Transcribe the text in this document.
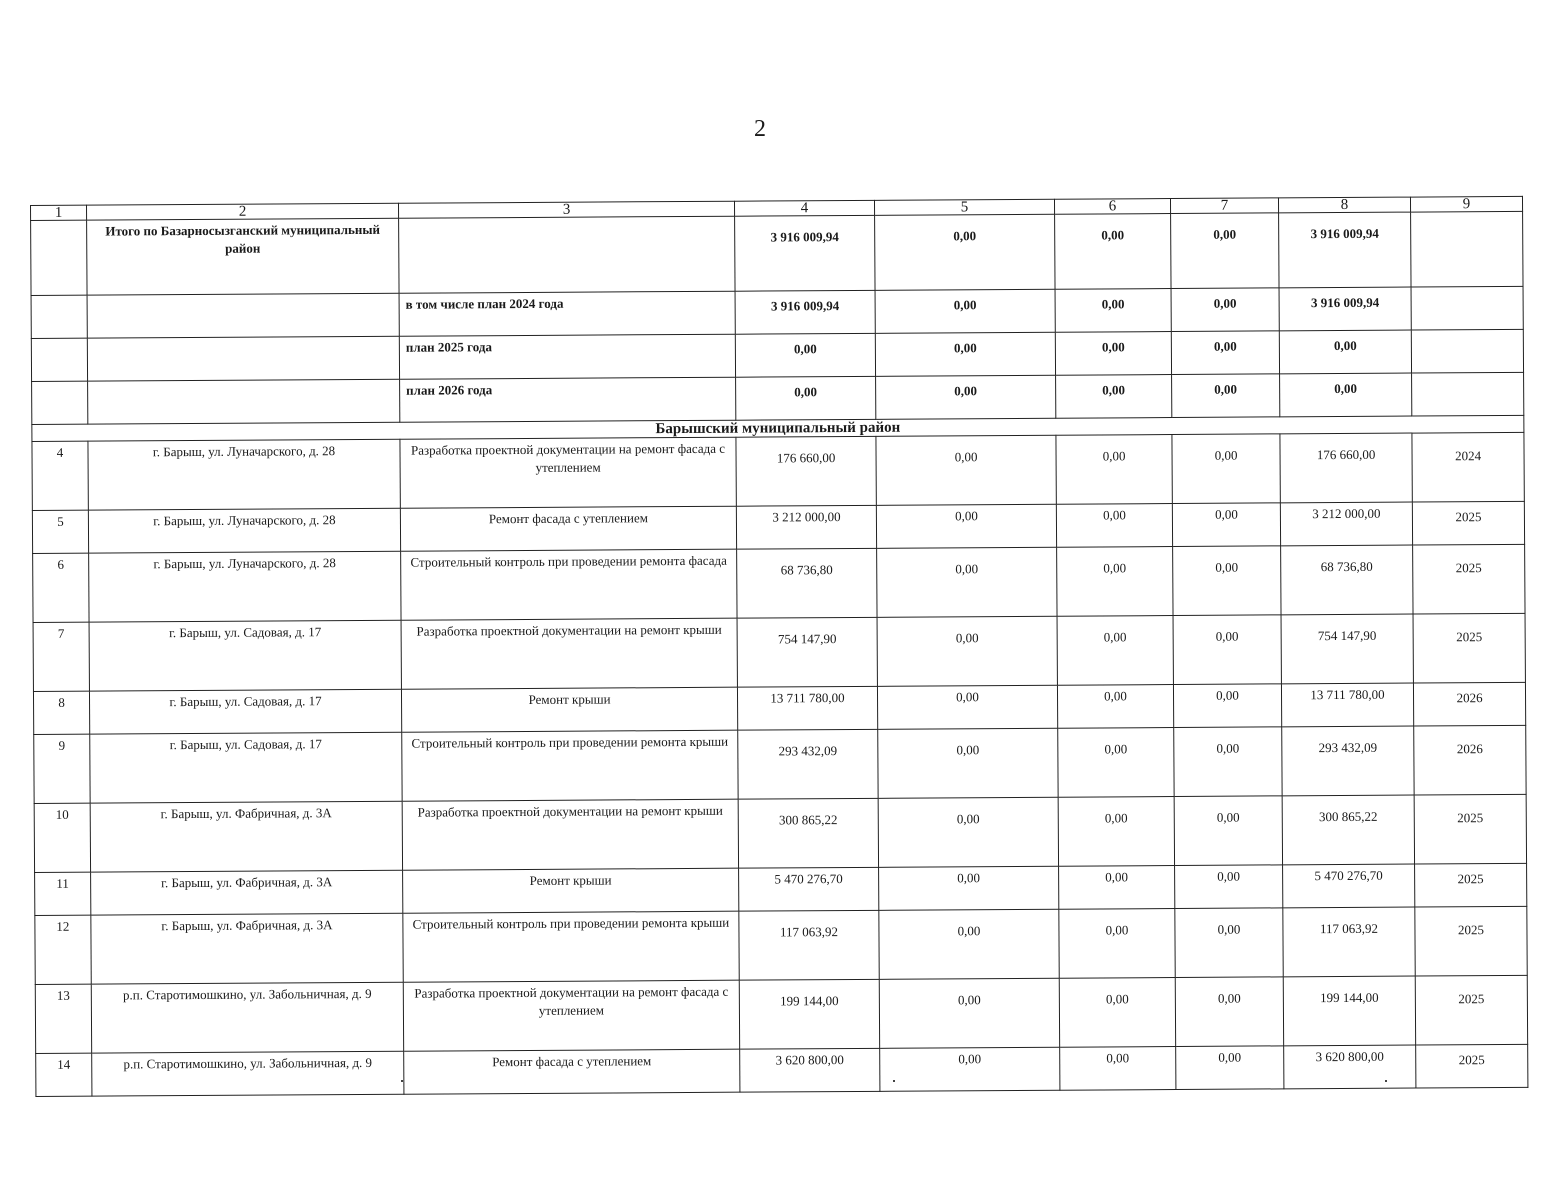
2
1	2	3	4	5	6	7	8	9
	Итого по Базарносызганский муниципальный район		3 916 009,94	0,00	0,00	0,00	3 916 009,94	
		в том числе план 2024 года	3 916 009,94	0,00	0,00	0,00	3 916 009,94	
		план 2025 года	0,00	0,00	0,00	0,00	0,00	
		план 2026 года	0,00	0,00	0,00	0,00	0,00	
Барышский муниципальный район								
4	г. Барыш, ул. Луначарского, д. 28	Разработка проектной документации на ремонт фасада с утеплением	176 660,00	0,00	0,00	0,00	176 660,00	2024
5	г. Барыш, ул. Луначарского, д. 28	Ремонт фасада с утеплением	3 212 000,00	0,00	0,00	0,00	3 212 000,00	2025
6	г. Барыш, ул. Луначарского, д. 28	Строительный контроль при проведении ремонта фасада	68 736,80	0,00	0,00	0,00	68 736,80	2025
7	г. Барыш, ул. Садовая, д. 17	Разработка проектной документации на ремонт крыши	754 147,90	0,00	0,00	0,00	754 147,90	2025
8	г. Барыш, ул. Садовая, д. 17	Ремонт крыши	13 711 780,00	0,00	0,00	0,00	13 711 780,00	2026
9	г. Барыш, ул. Садовая, д. 17	Строительный контроль при проведении ремонта крыши	293 432,09	0,00	0,00	0,00	293 432,09	2026
10	г. Барыш, ул. Фабричная, д. 3А	Разработка проектной документации на ремонт крыши	300 865,22	0,00	0,00	0,00	300 865,22	2025
11	г. Барыш, ул. Фабричная, д. 3А	Ремонт крыши	5 470 276,70	0,00	0,00	0,00	5 470 276,70	2025
12	г. Барыш, ул. Фабричная, д. 3А	Строительный контроль при проведении ремонта крыши	117 063,92	0,00	0,00	0,00	117 063,92	2025
13	р.п. Старотимошкино, ул. Забольничная, д. 9	Разработка проектной документации на ремонт фасада с утеплением	199 144,00	0,00	0,00	0,00	199 144,00	2025
14	р.п. Старотимошкино, ул. Забольничная, д. 9	Ремонт фасада с утеплением	3 620 800,00	0,00	0,00	0,00	3 620 800,00	2025
